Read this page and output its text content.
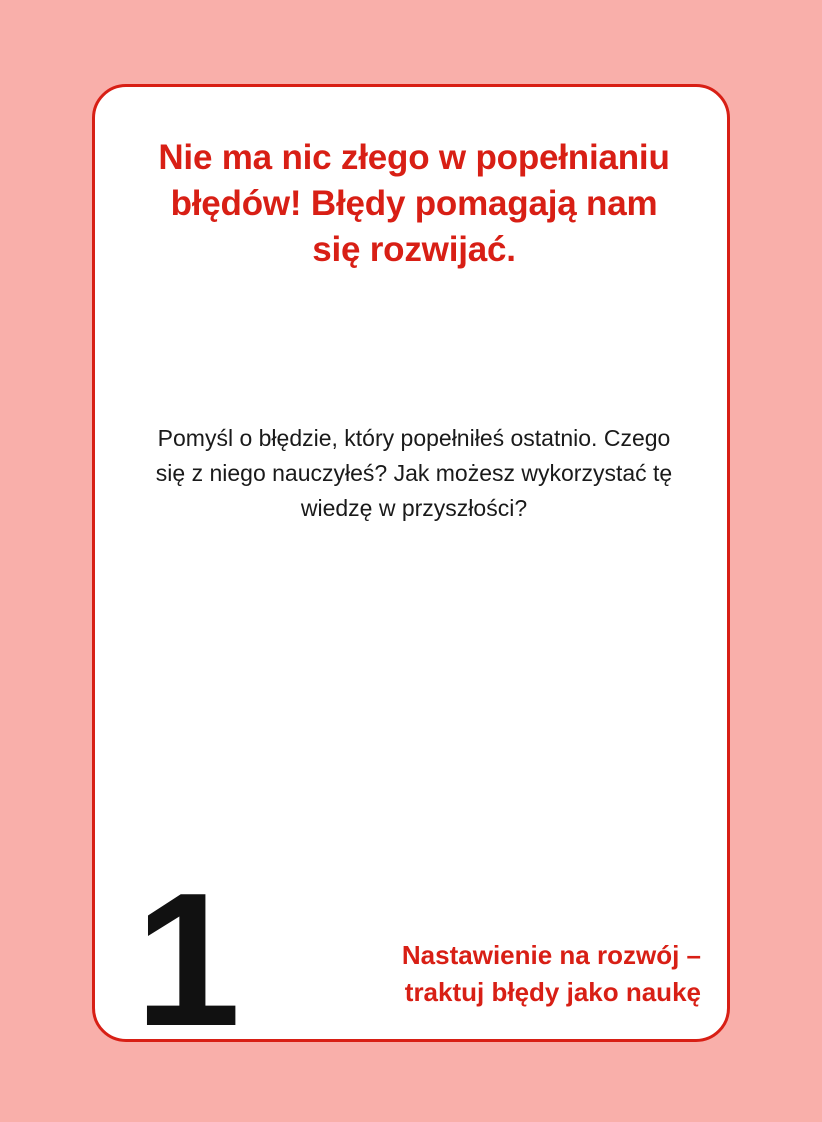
Nie ma nic złego w popełnianiu błędów! Błędy pomagają nam się rozwijać.
Pomyśl o błędzie, który popełniłeś ostatnio. Czego się z niego nauczyłeś? Jak możesz wykorzystać tę wiedzę w przyszłości?
1	Nastawienie na rozwój – traktuj błędy jako naukę
